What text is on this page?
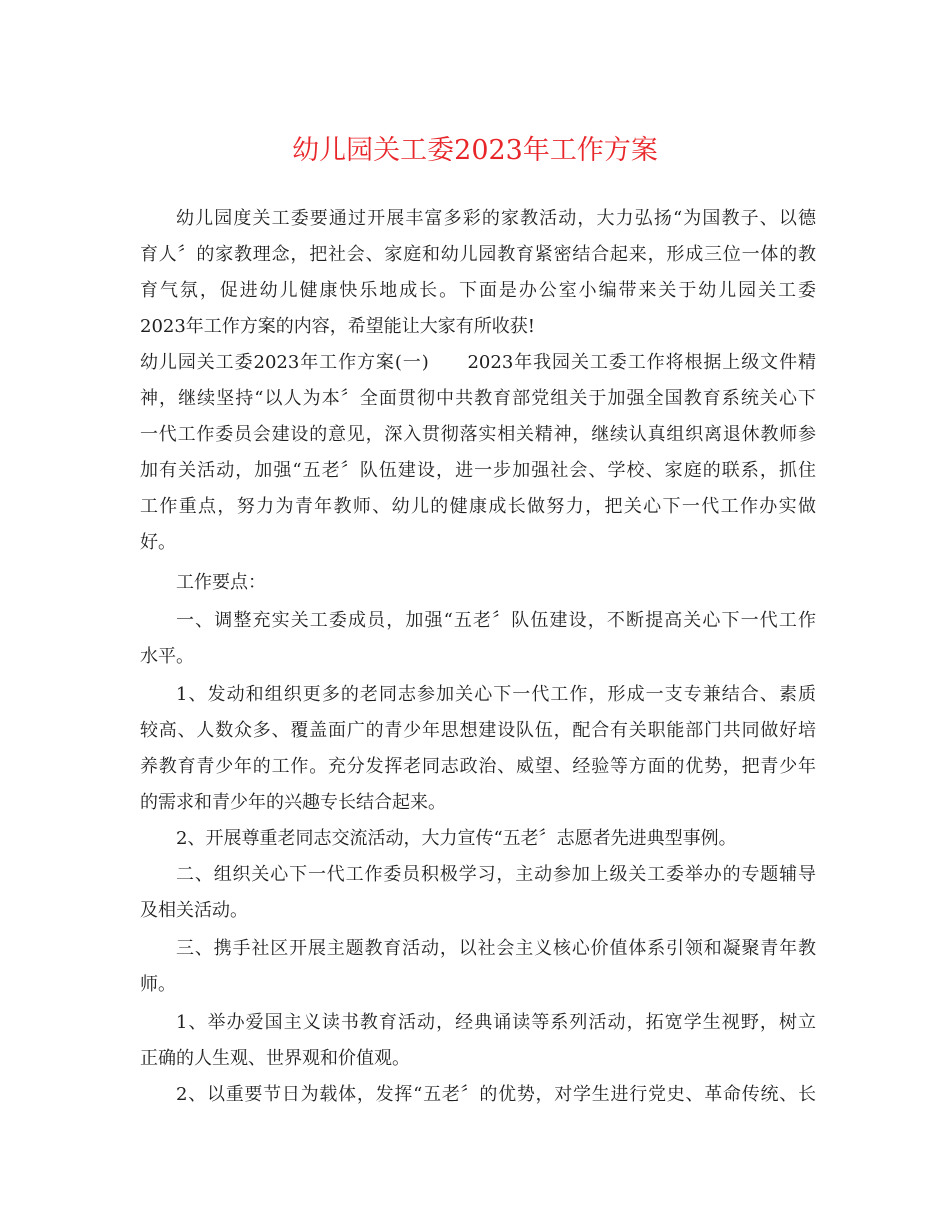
幼儿园关工委2023年工作方案
幼儿园度关工委要通过开展丰富多彩的家教活动，大力弘扬“为国教子、以德
育人〞的家教理念，把社会、家庭和幼儿园教育紧密结合起来，形成三位一体的教
育气氛，促进幼儿健康快乐地成长。下面是办公室小编带来关于幼儿园关工委
2023年工作方案的内容，希望能让大家有所收获!
幼儿园关工委2023年工作方案(一)　　2023年我园关工委工作将根据上级文件精
神，继续坚持“以人为本〞全面贯彻中共教育部党组关于加强全国教育系统关心下
一代工作委员会建设的意见，深入贯彻落实相关精神，继续认真组织离退休教师参
加有关活动，加强“五老〞队伍建设，进一步加强社会、学校、家庭的联系，抓住
工作重点，努力为青年教师、幼儿的健康成长做努力，把关心下一代工作办实做
好。
工作要点：
一、调整充实关工委成员，加强“五老〞队伍建设，不断提高关心下一代工作
水平。
1、发动和组织更多的老同志参加关心下一代工作，形成一支专兼结合、素质
较高、人数众多、覆盖面广的青少年思想建设队伍，配合有关职能部门共同做好培
养教育青少年的工作。充分发挥老同志政治、威望、经验等方面的优势，把青少年
的需求和青少年的兴趣专长结合起来。
2、开展尊重老同志交流活动，大力宣传“五老〞志愿者先进典型事例。
二、组织关心下一代工作委员积极学习，主动参加上级关工委举办的专题辅导
及相关活动。
三、携手社区开展主题教育活动，以社会主义核心价值体系引领和凝聚青年教
师。
1、举办爱国主义读书教育活动，经典诵读等系列活动，拓宽学生视野，树立
正确的人生观、世界观和价值观。
2、以重要节日为载体，发挥“五老〞的优势，对学生进行党史、革命传统、长
